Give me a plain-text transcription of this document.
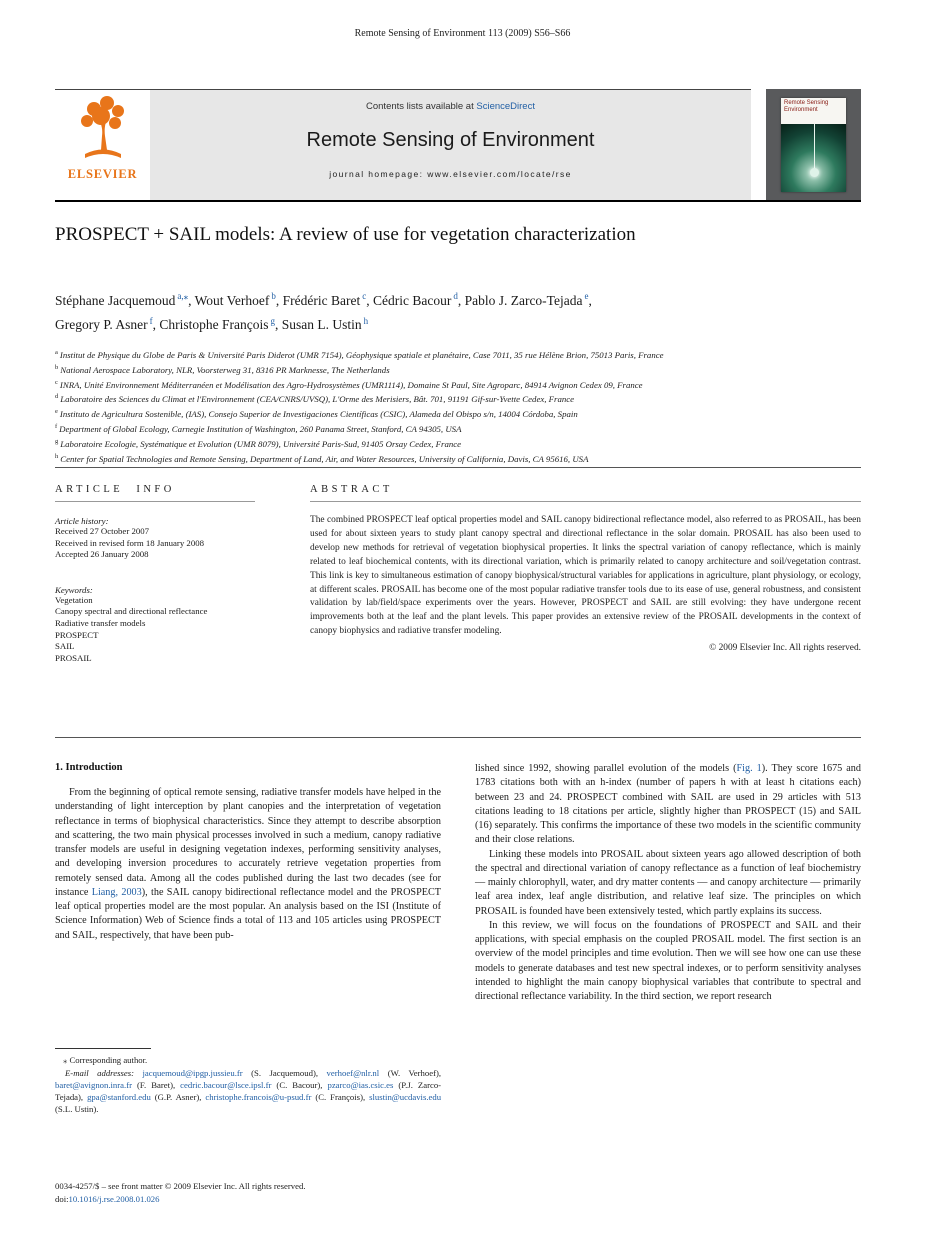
Remote Sensing of Environment 113 (2009) S56–S66
ELSEVIER
Contents lists available at ScienceDirect
Remote Sensing of Environment
journal homepage: www.elsevier.com/locate/rse
Remote Sensing
Environment
PROSPECT + SAIL models: A review of use for vegetation characterization
Stéphane Jacquemoud $^{a,⁎}$, Wout Verhoef $^b$, Frédéric Baret $^c$, Cédric Bacour $^d$, Pablo J. Zarco-Tejada $^e$,
Gregory P. Asner $^f$, Christophe François $^g$, Susan L. Ustin $^h$
$^a$ Institut de Physique du Globe de Paris & Université Paris Diderot (UMR 7154), Géophysique spatiale et planétaire, Case 7011, 35 rue Hélène Brion, 75013 Paris, France
$^b$ National Aerospace Laboratory, NLR, Voorsterweg 31, 8316 PR Marknesse, The Netherlands
$^c$ INRA, Unité Environnement Méditerranéen et Modélisation des Agro-Hydrosystèmes (UMR1114), Domaine St Paul, Site Agroparc, 84914 Avignon Cedex 09, France
$^d$ Laboratoire des Sciences du Climat et l'Environnement (CEA/CNRS/UVSQ), L'Orme des Merisiers, Bât. 701, 91191 Gif-sur-Yvette Cedex, France
$^e$ Instituto de Agricultura Sostenible, (IAS), Consejo Superior de Investigaciones Científicas (CSIC), Alameda del Obispo s/n, 14004 Córdoba, Spain
$^f$ Department of Global Ecology, Carnegie Institution of Washington, 260 Panama Street, Stanford, CA 94305, USA
$^g$ Laboratoire Ecologie, Systématique et Evolution (UMR 8079), Université Paris-Sud, 91405 Orsay Cedex, France
$^h$ Center for Spatial Technologies and Remote Sensing, Department of Land, Air, and Water Resources, University of California, Davis, CA 95616, USA
ARTICLE INFO
Article history:
Received 27 October 2007
Received in revised form 18 January 2008
Accepted 26 January 2008
Keywords:
Vegetation
Canopy spectral and directional reflectance
Radiative transfer models
PROSPECT
SAIL
PROSAIL
ABSTRACT

The combined PROSPECT leaf optical properties model and SAIL canopy bidirectional reflectance model, also referred to as PROSAIL, has been used for about sixteen years to study plant canopy spectral and directional reflectance in the solar domain. PROSAIL has also been used to develop new methods for retrieval of vegetation biophysical properties. It links the spectral variation of canopy reflectance, which is mainly related to leaf biochemical contents, with its directional variation, which is primarily related to canopy architecture and soil/vegetation contrast. This link is key to simultaneous estimation of canopy biophysical/structural variables for applications in agriculture, plant physiology, or ecology, at different scales. PROSAIL has become one of the most popular radiative transfer tools due to its ease of use, general robustness, and consistent validation by lab/field/space experiments over the years. However, PROSPECT and SAIL are still evolving: they have undergone recent improvements both at the leaf and the plant levels. This paper provides an extensive review of the PROSAIL developments in the context of canopy biophysics and radiative transfer modeling.

© 2009 Elsevier Inc. All rights reserved.
1. Introduction

From the beginning of optical remote sensing, radiative transfer models have helped in the understanding of light interception by plant canopies and the interpretation of vegetation reflectance in terms of biophysical characteristics. Since they attempt to describe absorption and scattering, the two main physical processes involved in such a medium, canopy radiative transfer models are useful in designing vegetation indexes, performing sensitivity analyses, and developing inversion procedures to accurately retrieve vegetation properties from remotely sensed data. Among all the codes published during the last two decades (see for instance Liang, 2003), the SAIL canopy bidirectional reflectance model and the PROSPECT leaf optical properties model are the most popular. An analysis based on the ISI (Institute of Science Information) Web of Science finds a total of 113 and 105 articles using PROSPECT and SAIL, respectively, that have been pub-

lished since 1992, showing parallel evolution of the models (Fig. 1). They score 1675 and 1783 citations both with an h-index (number of papers h with at least h citations each) between 23 and 24. PROSPECT combined with SAIL are used in 29 articles with 513 citations leading to 18 citations per article, slightly higher than PROSPECT (15) and SAIL (16) separately. This confirms the importance of these two models in the scientific community and their close relations.

Linking these models into PROSAIL about sixteen years ago allowed description of both the spectral and directional variation of canopy reflectance as a function of leaf biochemistry — mainly chlorophyll, water, and dry matter contents — and canopy architecture — primarily leaf area index, leaf angle distribution, and relative leaf size. The principles on which PROSAIL is founded have been extensively tested, which partly explains its success.

In this review, we will focus on the foundations of PROSPECT and SAIL and their applications, with special emphasis on the coupled PROSAIL model. The first section is an overview of the model principles and time evolution. Then we will see how one can use these models to generate databases and test new spectral indexes, or to perform sensitivity analyses intended to highlight the main canopy biophysical variables that contribute to spectral and directional reflectance variability. In the third section, we report research

⁎ Corresponding author.
E-mail addresses: jacquemoud@ipgp.jussieu.fr (S. Jacquemoud), verhoef@nlr.nl (W. Verhoef), baret@avignon.inra.fr (F. Baret), cedric.bacour@lsce.ipsl.fr (C. Bacour), pzarco@ias.csic.es (P.J. Zarco-Tejada), gpa@stanford.edu (G.P. Asner), christophe.francois@u-psud.fr (C. François), slustin@ucdavis.edu (S.L. Ustin).
0034-4257/$ – see front matter © 2009 Elsevier Inc. All rights reserved.
doi:10.1016/j.rse.2008.01.026
